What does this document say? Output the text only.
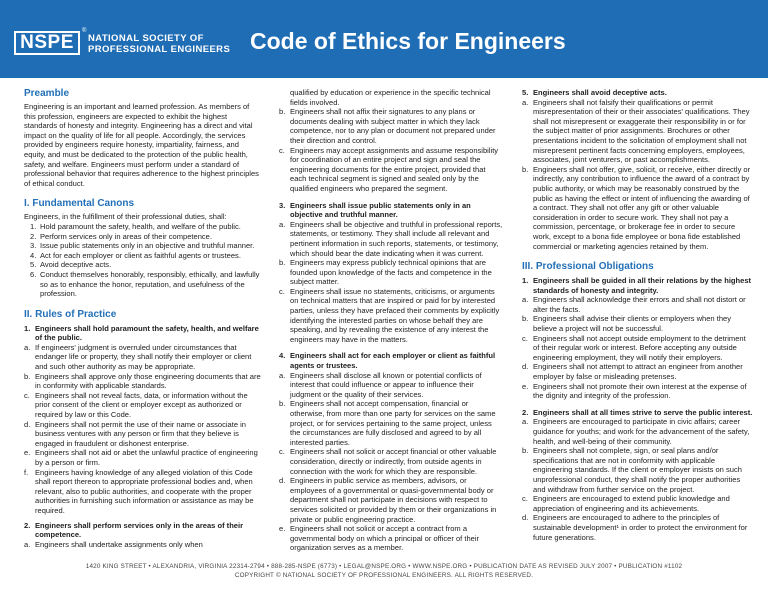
NSPE
®
NATIONAL SOCIETY OF
PROFESSIONAL ENGINEERS Code of Ethics for Engineers
Preamble

Engineering is an important and learned profession. As members of this profession, engineers are expected to exhibit the highest standards of honesty and integrity. Engineering has a direct and vital impact on the quality of life for all people. Accordingly, the services provided by engineers require honesty, impartiality, fairness, and equity, and must be dedicated to the protection of the public health, safety, and welfare. Engineers must perform under a standard of professional behavior that requires adherence to the highest principles of ethical conduct.

I. Fundamental Canons

Engineers, in the fulfillment of their professional duties, shall:

1. Hold paramount the safety, health, and welfare of the public.
2. Perform services only in areas of their competence.
3. Issue public statements only in an objective and truthful manner.
4. Act for each employer or client as faithful agents or trustees.
5. Avoid deceptive acts.
6. Conduct themselves honorably, responsibly, ethically, and lawfully so as to enhance the honor, reputation, and usefulness of the profession.
II. Rules of Practice
1. Engineers shall hold paramount the safety, health, and welfare of the public.
a. If engineers' judgment is overruled under circumstances that endanger life or property, they shall notify their employer or client and such other authority as may be appropriate.
b. Engineers shall approve only those engineering documents that are in conformity with applicable standards.
c. Engineers shall not reveal facts, data, or information without the prior consent of the client or employer except as authorized or required by law or this Code.
d. Engineers shall not permit the use of their name or associate in business ventures with any person or firm that they believe is engaged in fraudulent or dishonest enterprise.
e. Engineers shall not aid or abet the unlawful practice of engineering by a person or firm.
f. Engineers having knowledge of any alleged violation of this Code shall report thereon to appropriate professional bodies and, when relevant, also to public authorities, and cooperate with the proper authorities in furnishing such information or assistance as may be required.
2. Engineers shall perform services only in the areas of their competence.
a. Engineers shall undertake assignments only when
qualified by education or experience in the specific technical fields involved.
b. Engineers shall not affix their signatures to any plans or documents dealing with subject matter in which they lack competence, nor to any plan or document not prepared under their direction and control.
c. Engineers may accept assignments and assume responsibility for coordination of an entire project and sign and seal the engineering documents for the entire project, provided that each technical segment is signed and sealed only by the qualified engineers who prepared the segment.
3. Engineers shall issue public statements only in an objective and truthful manner.
a. Engineers shall be objective and truthful in professional reports, statements, or testimony. They shall include all relevant and pertinent information in such reports, statements, or testimony, which should bear the date indicating when it was current.
b. Engineers may express publicly technical opinions that are founded upon knowledge of the facts and competence in the subject matter.
c. Engineers shall issue no statements, criticisms, or arguments on technical matters that are inspired or paid for by interested parties, unless they have prefaced their comments by explicitly identifying the interested parties on whose behalf they are speaking, and by revealing the existence of any interest the engineers may have in the matters.
4. Engineers shall act for each employer or client as faithful agents or trustees.
a. Engineers shall disclose all known or potential conflicts of interest that could influence or appear to influence their judgment or the quality of their services.
b. Engineers shall not accept compensation, financial or otherwise, from more than one party for services on the same project, or for services pertaining to the same project, unless the circumstances are fully disclosed and agreed to by all interested parties.
c. Engineers shall not solicit or accept financial or other valuable consideration, directly or indirectly, from outside agents in connection with the work for which they are responsible.
d. Engineers in public service as members, advisors, or employees of a governmental or quasi-governmental body or department shall not participate in decisions with respect to services solicited or provided by them or their organizations in private or public engineering practice.
e. Engineers shall not solicit or accept a contract from a governmental body on which a principal or officer of their organization serves as a member.
5. Engineers shall avoid deceptive acts.
a. Engineers shall not falsify their qualifications or permit misrepresentation of their or their associates' qualifications. They shall not misrepresent or exaggerate their responsibility in or for the subject matter of prior assignments. Brochures or other presentations incident to the solicitation of employment shall not misrepresent pertinent facts concerning employers, employees, associates, joint venturers, or past accomplishments.
b. Engineers shall not offer, give, solicit, or receive, either directly or indirectly, any contribution to influence the award of a contract by public authority, or which may be reasonably construed by the public as having the effect or intent of influencing the awarding of a contract. They shall not offer any gift or other valuable consideration in order to secure work. They shall not pay a commission, percentage, or brokerage fee in order to secure work, except to a bona fide employee or bona fide established commercial or marketing agencies retained by them.
III. Professional Obligations
1. Engineers shall be guided in all their relations by the highest standards of honesty and integrity.
a. Engineers shall acknowledge their errors and shall not distort or alter the facts.
b. Engineers shall advise their clients or employers when they believe a project will not be successful.
c. Engineers shall not accept outside employment to the detriment of their regular work or interest. Before accepting any outside engineering employment, they will notify their employers.
d. Engineers shall not attempt to attract an engineer from another employer by false or misleading pretenses.
e. Engineers shall not promote their own interest at the expense of the dignity and integrity of the profession.
2. Engineers shall at all times strive to serve the public interest.
a. Engineers are encouraged to participate in civic affairs; career guidance for youths; and work for the advancement of the safety, health, and well-being of their community.
b. Engineers shall not complete, sign, or seal plans and/or specifications that are not in conformity with applicable engineering standards. If the client or employer insists on such unprofessional conduct, they shall notify the proper authorities and withdraw from further service on the project.
c. Engineers are encouraged to extend public knowledge and appreciation of engineering and its achievements.
d. Engineers are encouraged to adhere to the principles of sustainable development¹ in order to protect the environment for future generations.
1420 KING STREET • ALEXANDRIA, VIRGINIA 22314-2794 • 888-285-NSPE (6773) • LEGAL@NSPE.ORG • WWW.NSPE.ORG • PUBLICATION DATE AS REVISED JULY 2007 • PUBLICATION #1102
COPYRIGHT © NATIONAL SOCIETY OF PROFESSIONAL ENGINEERS. ALL RIGHTS RESERVED.
